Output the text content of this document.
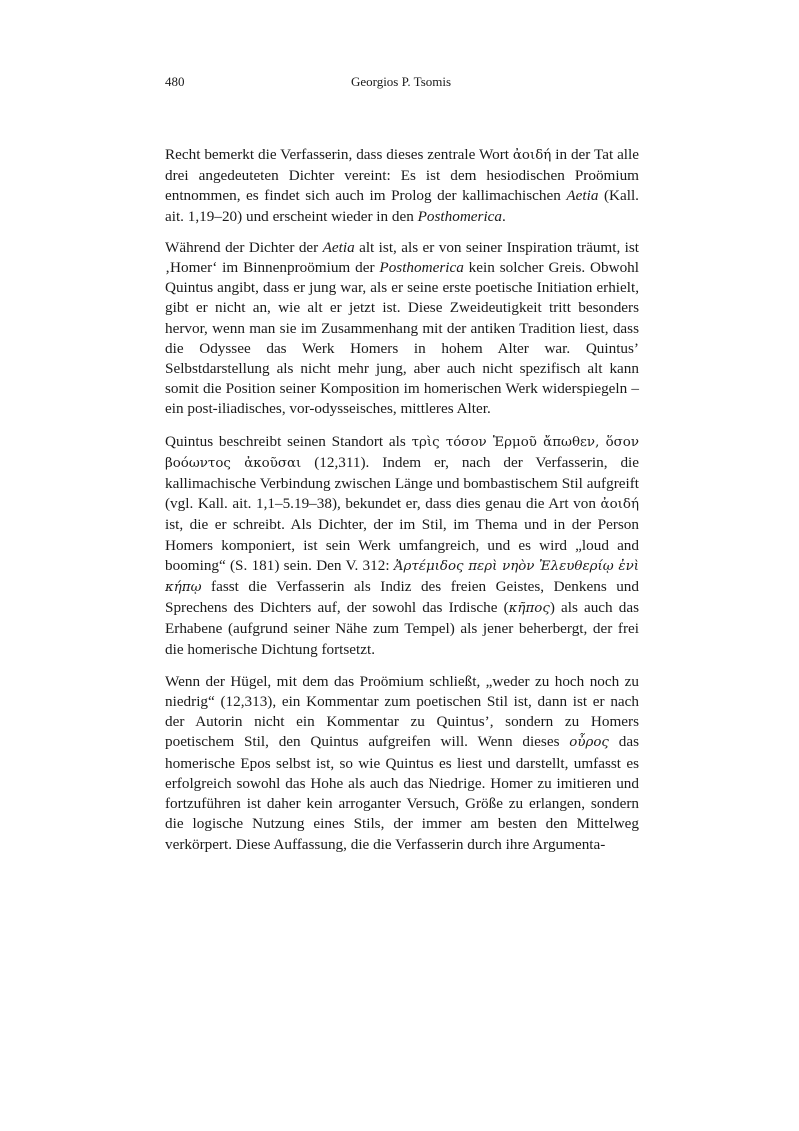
480	Georgios P. Tsomis

Recht bemerkt die Verfasserin, dass dieses zentrale Wort ἀοιδή in der Tat alle drei angedeuteten Dichter vereint: Es ist dem hesiodischen Proömium entnommen, es findet sich auch im Prolog der kallimachischen Aetia (Kall. ait. 1,19–20) und erscheint wieder in den Posthomerica.

Während der Dichter der Aetia alt ist, als er von seiner Inspiration träumt, ist ‚Homer‘ im Binnenproömium der Posthomerica kein solcher Greis. Obwohl Quintus angibt, dass er jung war, als er seine erste poetische Initiation erhielt, gibt er nicht an, wie alt er jetzt ist. Diese Zweideutigkeit tritt besonders hervor, wenn man sie im Zusammenhang mit der antiken Tradition liest, dass die Odyssee das Werk Homers in hohem Alter war. Quintus’ Selbstdarstellung als nicht mehr jung, aber auch nicht spezifisch alt kann somit die Position seiner Komposition im homerischen Werk widerspiegeln – ein post-iliadisches, vor-odysseisches, mittleres Alter.

Quintus beschreibt seinen Standort als τρὶς τόσον Ἑρμοῦ ἄπωθεν, ὅσον βοόωντος ἀκοῦσαι (12,311). Indem er, nach der Verfasserin, die kallimachische Verbindung zwischen Länge und bombastischem Stil aufgreift (vgl. Kall. ait. 1,1–5.19–38), bekundet er, dass dies genau die Art von ἀοιδή ist, die er schreibt. Als Dichter, der im Stil, im Thema und in der Person Homers komponiert, ist sein Werk umfangreich, und es wird „loud and booming“ (S. 181) sein. Den V. 312: Ἀρτέμιδος περὶ νηὸν Ἐλευθερίῳ ἐνὶ κήπῳ fasst die Verfasserin als Indiz des freien Geistes, Denkens und Sprechens des Dichters auf, der sowohl das Irdische (κῆπος) als auch das Erhabene (aufgrund seiner Nähe zum Tempel) als jener beherbergt, der frei die homerische Dichtung fortsetzt.

Wenn der Hügel, mit dem das Proömium schließt, „weder zu hoch noch zu niedrig“ (12,313), ein Kommentar zum poetischen Stil ist, dann ist er nach der Autorin nicht ein Kommentar zu Quintus’, sondern zu Homers poetischem Stil, den Quintus aufgreifen will. Wenn dieses οὖρος das homerische Epos selbst ist, so wie Quintus es liest und darstellt, umfasst es erfolgreich sowohl das Hohe als auch das Niedrige. Homer zu imitieren und fortzuführen ist daher kein arroganter Versuch, Größe zu erlangen, sondern die logische Nutzung eines Stils, der immer am besten den Mittelweg verkörpert. Diese Auffassung, die die Verfasserin durch ihre Argumenta-
